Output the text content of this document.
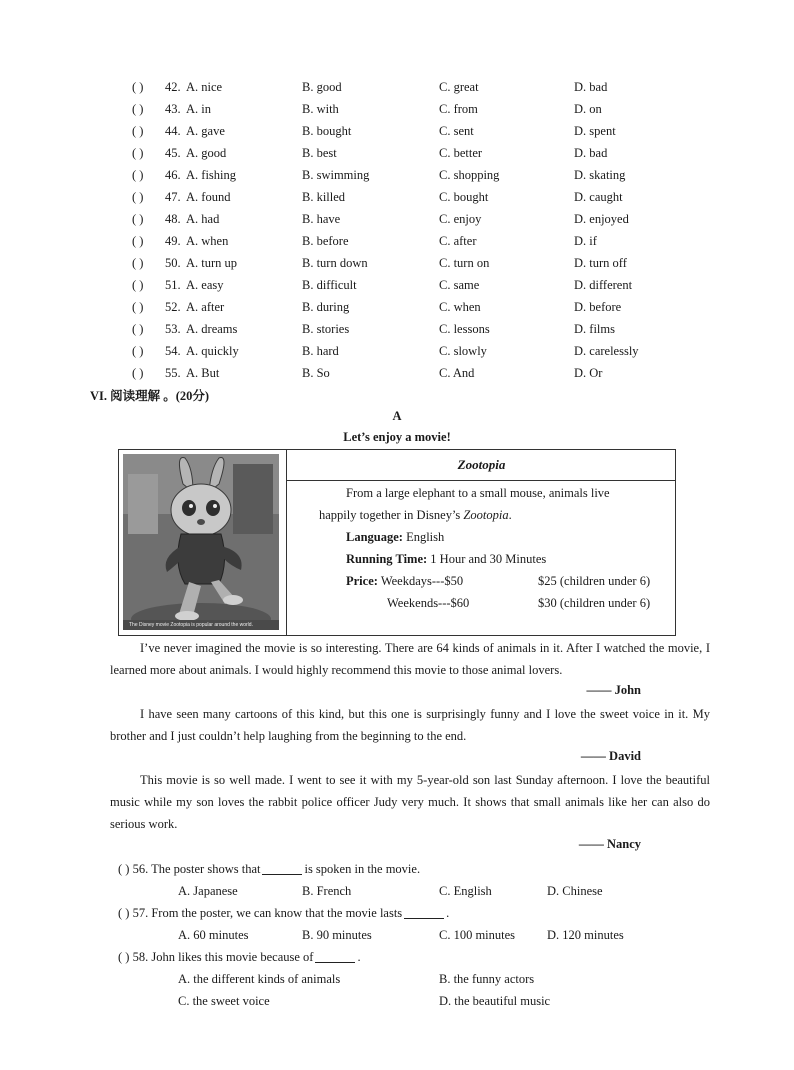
( ) 42. A. nice	B. good	C. great	D. bad
( ) 43. A. in	B. with	C. from	D. on
( ) 44. A. gave	B. bought	C. sent	D. spent
( ) 45. A. good	B. best	C. better	D. bad
( ) 46. A. fishing	B. swimming	C. shopping	D. skating
( ) 47. A. found	B. killed	C. bought	D. caught
( ) 48. A. had	B. have	C. enjoy	D. enjoyed
( ) 49. A. when	B. before	C. after	D. if
( ) 50. A. turn up	B. turn down	C. turn on	D. turn off
( ) 51. A. easy	B. difficult	C. same	D. different
( ) 52. A. after	B. during	C. when	D. before
( ) 53. A. dreams	B. stories	C. lessons	D. films
( ) 54. A. quickly	B. hard	C. slowly	D. carelessly
( ) 55. A. But	B. So	C. And	D. Or
VI. 阅读理解 。(20分)
A
Let’s enjoy a movie!
The Disney movie Zootopia is popular around the world.
Zootopia
From a large elephant to a small mouse, animals live
happily together in Disney’s Zootopia.
Language: English
Running Time: 1 Hour and 30 Minutes
Price: Weekdays---$50	$25 (children under 6)
Weekends---$60	$30 (children under 6)
I’ve never imagined the movie is so interesting. There are 64 kinds of animals in it. After I watched the movie, I learned more about animals. I would highly recommend this movie to those animal lovers.
—— John
I have seen many cartoons of this kind, but this one is surprisingly funny and I love the sweet voice in it. My brother and I just couldn’t help laughing from the beginning to the end.
—— David
This movie is so well made. I went to see it with my 5-year-old son last Sunday afternoon. I love the beautiful music while my son loves the rabbit police officer Judy very much. It shows that small animals like her can also do serious work.
—— Nancy
( ) 56. The poster shows that	is spoken in the movie.
A. Japanese	B. French	C. English	D. Chinese
( ) 57. From the poster, we can know that the movie lasts	.
A. 60 minutes	B. 90 minutes	C. 100 minutes	D. 120 minutes
( ) 58. John likes this movie because of	.
A. the different kinds of animals	B. the funny actors
C. the sweet voice	D. the beautiful music
